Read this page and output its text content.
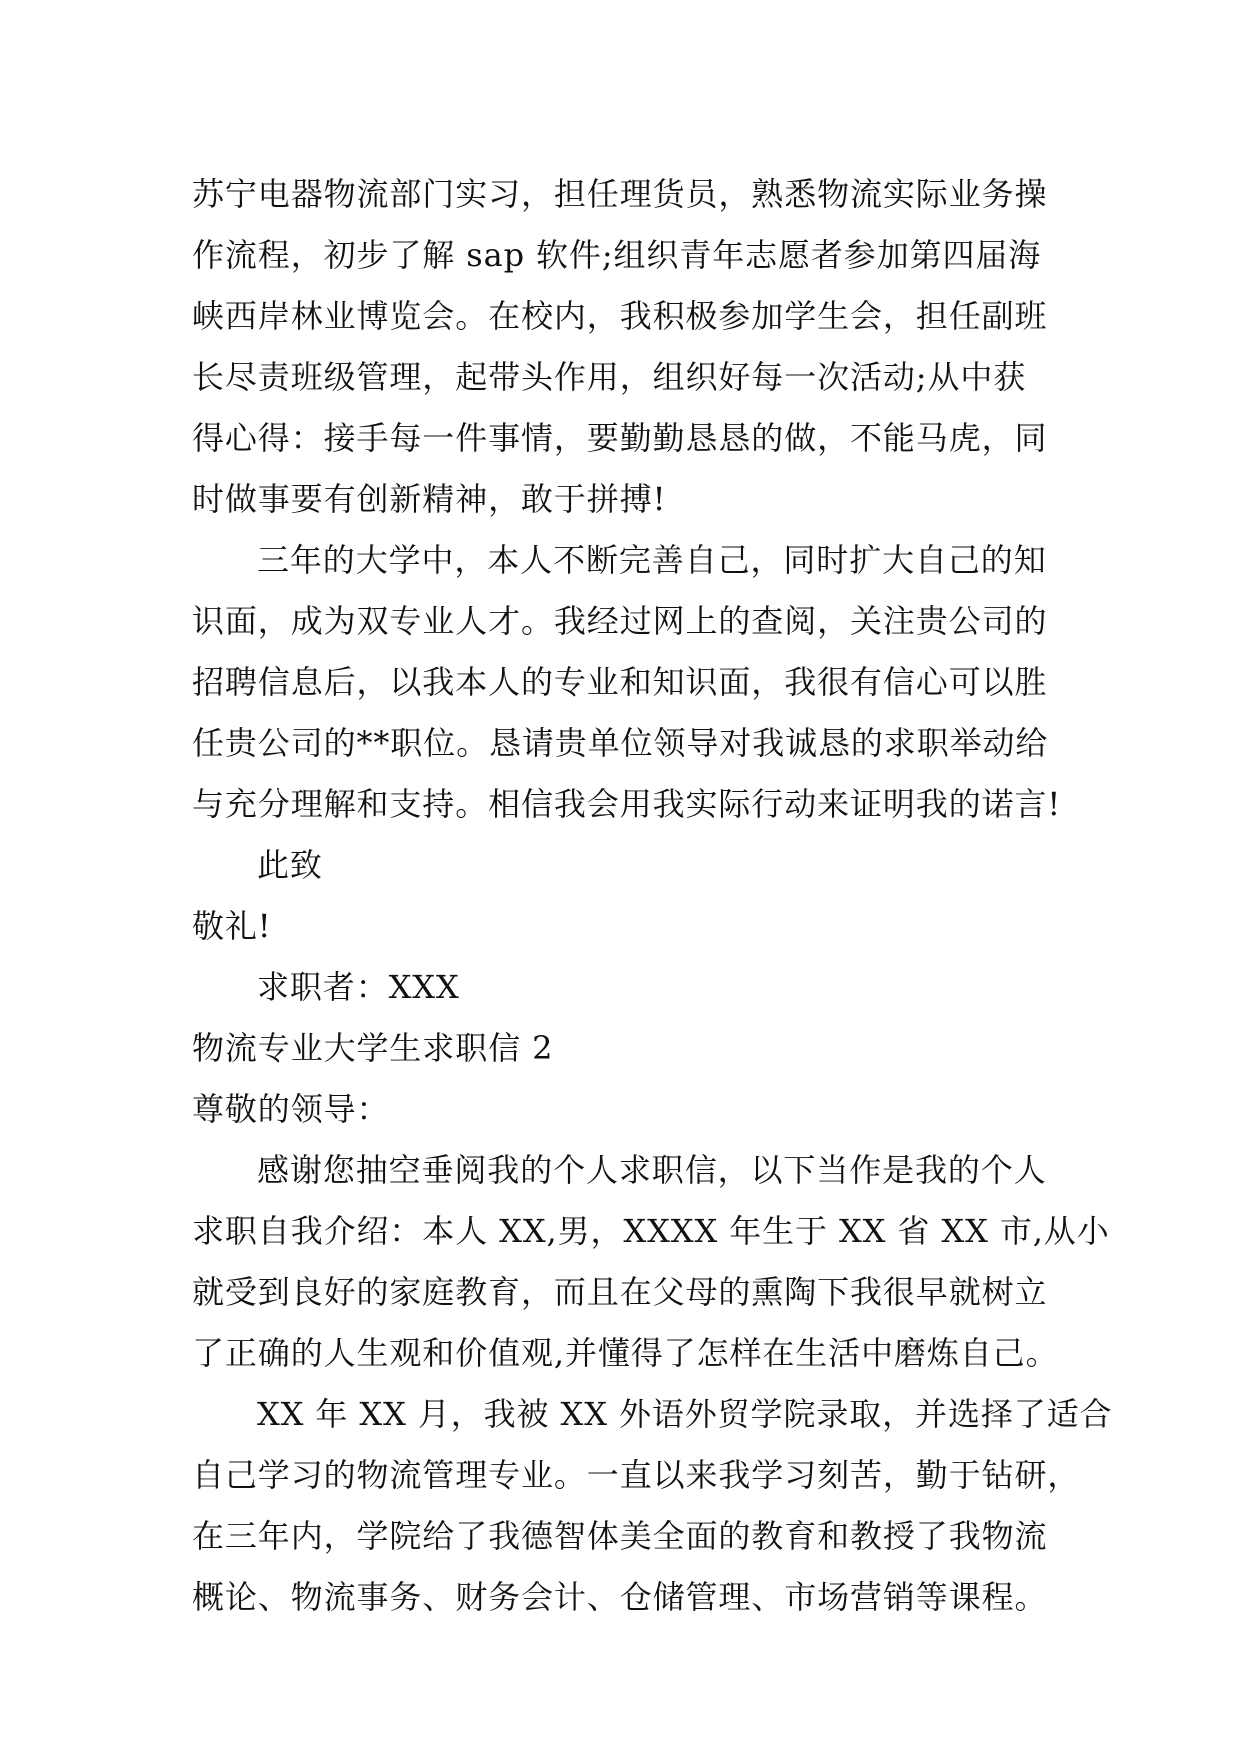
苏宁电器物流部门实习，担任理货员，熟悉物流实际业务操
作流程，初步了解 sap 软件;组织青年志愿者参加第四届海
峡西岸林业博览会。在校内，我积极参加学生会，担任副班
长尽责班级管理，起带头作用，组织好每一次活动;从中获
得心得：接手每一件事情，要勤勤恳恳的做，不能马虎，同
时做事要有创新精神，敢于拼搏!
三年的大学中，本人不断完善自己，同时扩大自己的知
识面，成为双专业人才。我经过网上的查阅，关注贵公司的
招聘信息后，以我本人的专业和知识面，我很有信心可以胜
任贵公司的**职位。恳请贵单位领导对我诚恳的求职举动给
与充分理解和支持。相信我会用我实际行动来证明我的诺言!
此致
敬礼!
求职者：XXX
物流专业大学生求职信 2
尊敬的领导：
感谢您抽空垂阅我的个人求职信，以下当作是我的个人
求职自我介绍：本人 XX,男，XXXX 年生于 XX 省 XX 市,从小
就受到良好的家庭教育，而且在父母的熏陶下我很早就树立
了正确的人生观和价值观,并懂得了怎样在生活中磨炼自己。
XX 年 XX 月，我被 XX 外语外贸学院录取，并选择了适合
自己学习的物流管理专业。一直以来我学习刻苦，勤于钻研，
在三年内，学院给了我德智体美全面的教育和教授了我物流
概论、物流事务、财务会计、仓储管理、市场营销等课程。
